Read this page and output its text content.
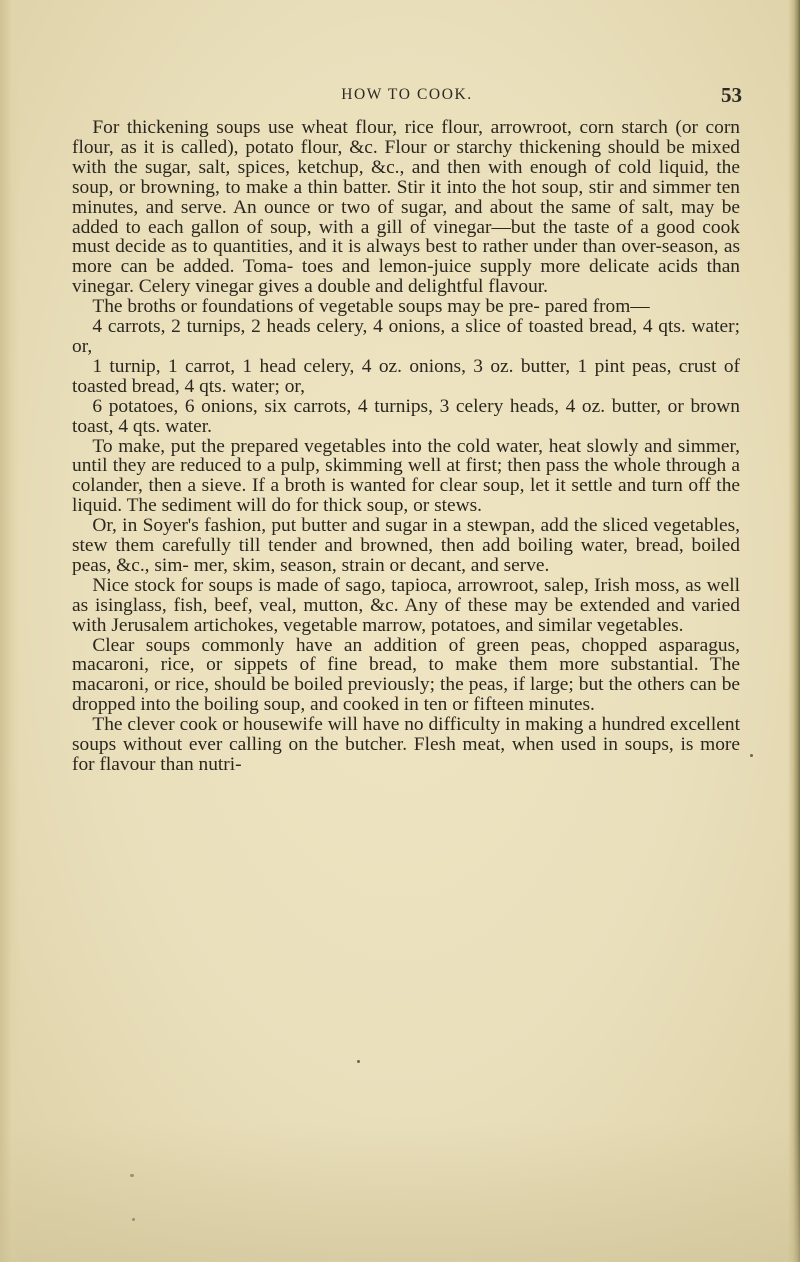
HOW TO COOK.	53

For thickening soups use wheat flour, rice flour, arrowroot, corn starch (or corn flour, as it is called), potato flour, &c. Flour or starchy thickening should be mixed with the sugar, salt, spices, ketchup, &c., and then with enough of cold liquid, the soup, or browning, to make a thin batter. Stir it into the hot soup, stir and simmer ten minutes, and serve. An ounce or two of sugar, and about the same of salt, may be added to each gallon of soup, with a gill of vinegar—but the taste of a good cook must decide as to quantities, and it is always best to rather under than over-season, as more can be added. Toma- toes and lemon-juice supply more delicate acids than vinegar. Celery vinegar gives a double and delightful flavour.

The broths or foundations of vegetable soups may be pre- pared from—

4 carrots, 2 turnips, 2 heads celery, 4 onions, a slice of toasted bread, 4 qts. water; or,

1 turnip, 1 carrot, 1 head celery, 4 oz. onions, 3 oz. butter, 1 pint peas, crust of toasted bread, 4 qts. water; or,

6 potatoes, 6 onions, six carrots, 4 turnips, 3 celery heads, 4 oz. butter, or brown toast, 4 qts. water.

To make, put the prepared vegetables into the cold water, heat slowly and simmer, until they are reduced to a pulp, skimming well at first; then pass the whole through a colander, then a sieve. If a broth is wanted for clear soup, let it settle and turn off the liquid. The sediment will do for thick soup, or stews.

Or, in Soyer's fashion, put butter and sugar in a stewpan, add the sliced vegetables, stew them carefully till tender and browned, then add boiling water, bread, boiled peas, &c., sim- mer, skim, season, strain or decant, and serve.

Nice stock for soups is made of sago, tapioca, arrowroot, salep, Irish moss, as well as isinglass, fish, beef, veal, mutton, &c. Any of these may be extended and varied with Jerusalem artichokes, vegetable marrow, potatoes, and similar vegetables.

Clear soups commonly have an addition of green peas, chopped asparagus, macaroni, rice, or sippets of fine bread, to make them more substantial. The macaroni, or rice, should be boiled previously; the peas, if large; but the others can be dropped into the boiling soup, and cooked in ten or fifteen minutes.

The clever cook or housewife will have no difficulty in making a hundred excellent soups without ever calling on the butcher. Flesh meat, when used in soups, is more for flavour than nutri-
